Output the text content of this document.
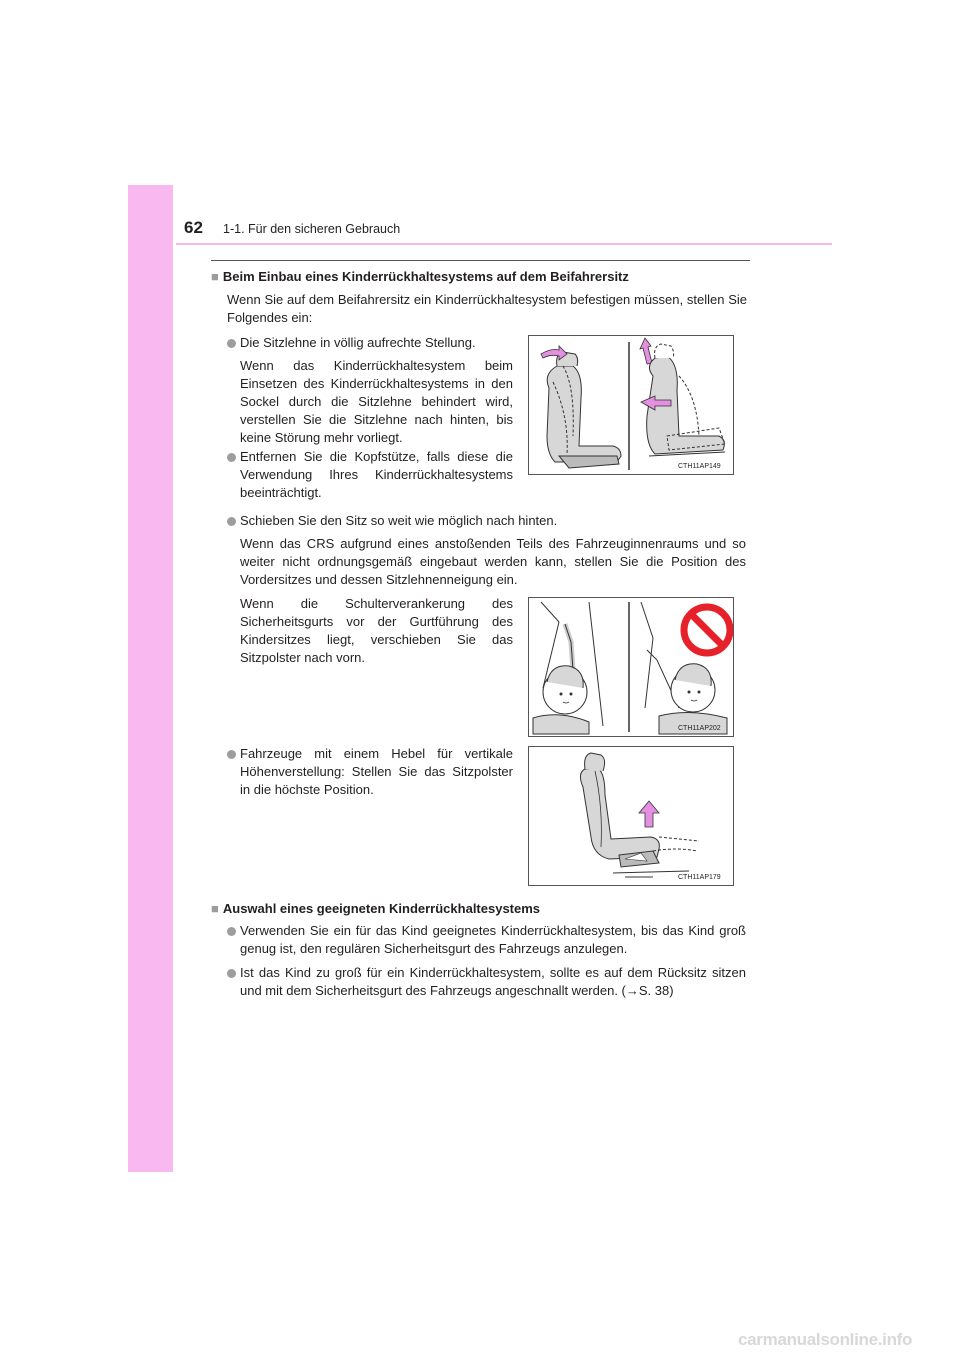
62 1-1. Für den sicheren Gebrauch
■ Beim Einbau eines Kinderrückhaltesystems auf dem Beifahrersitz
Wenn Sie auf dem Beifahrersitz ein Kinderrückhaltesystem befestigen müssen, stellen Sie Folgendes ein:
Die Sitzlehne in völlig aufrechte Stellung.
Wenn das Kinderrückhaltesystem beim Einsetzen des Kinderrückhaltesystems in den Sockel durch die Sitzlehne behindert wird, verstellen Sie die Sitzlehne nach hinten, bis keine Störung mehr vorliegt.
Entfernen Sie die Kopfstütze, falls diese die Verwendung Ihres Kinderrückhaltesystems beeinträchtigt.
Schieben Sie den Sitz so weit wie möglich nach hinten.
Wenn das CRS aufgrund eines anstoßenden Teils des Fahrzeuginnenraums und so weiter nicht ordnungsgemäß eingebaut werden kann, stellen Sie die Position des Vordersitzes und dessen Sitzlehnenneigung ein.
Wenn die Schulterverankerung des Sicherheitsgurts vor der Gurtführung des Kindersitzes liegt, verschieben Sie das Sitzpolster nach vorn.
Fahrzeuge mit einem Hebel für vertikale Höhenverstellung: Stellen Sie das Sitzpolster in die höchste Position.
CTH11AP149
CTH11AP202
CTH11AP179
■ Auswahl eines geeigneten Kinderrückhaltesystems
Verwenden Sie ein für das Kind geeignetes Kinderrückhaltesystem, bis das Kind groß genug ist, den regulären Sicherheitsgurt des Fahrzeugs anzulegen.
Ist das Kind zu groß für ein Kinderrückhaltesystem, sollte es auf dem Rücksitz sitzen und mit dem Sicherheitsgurt des Fahrzeugs angeschnallt werden. (→S. 38)
carmanualsonline.info
